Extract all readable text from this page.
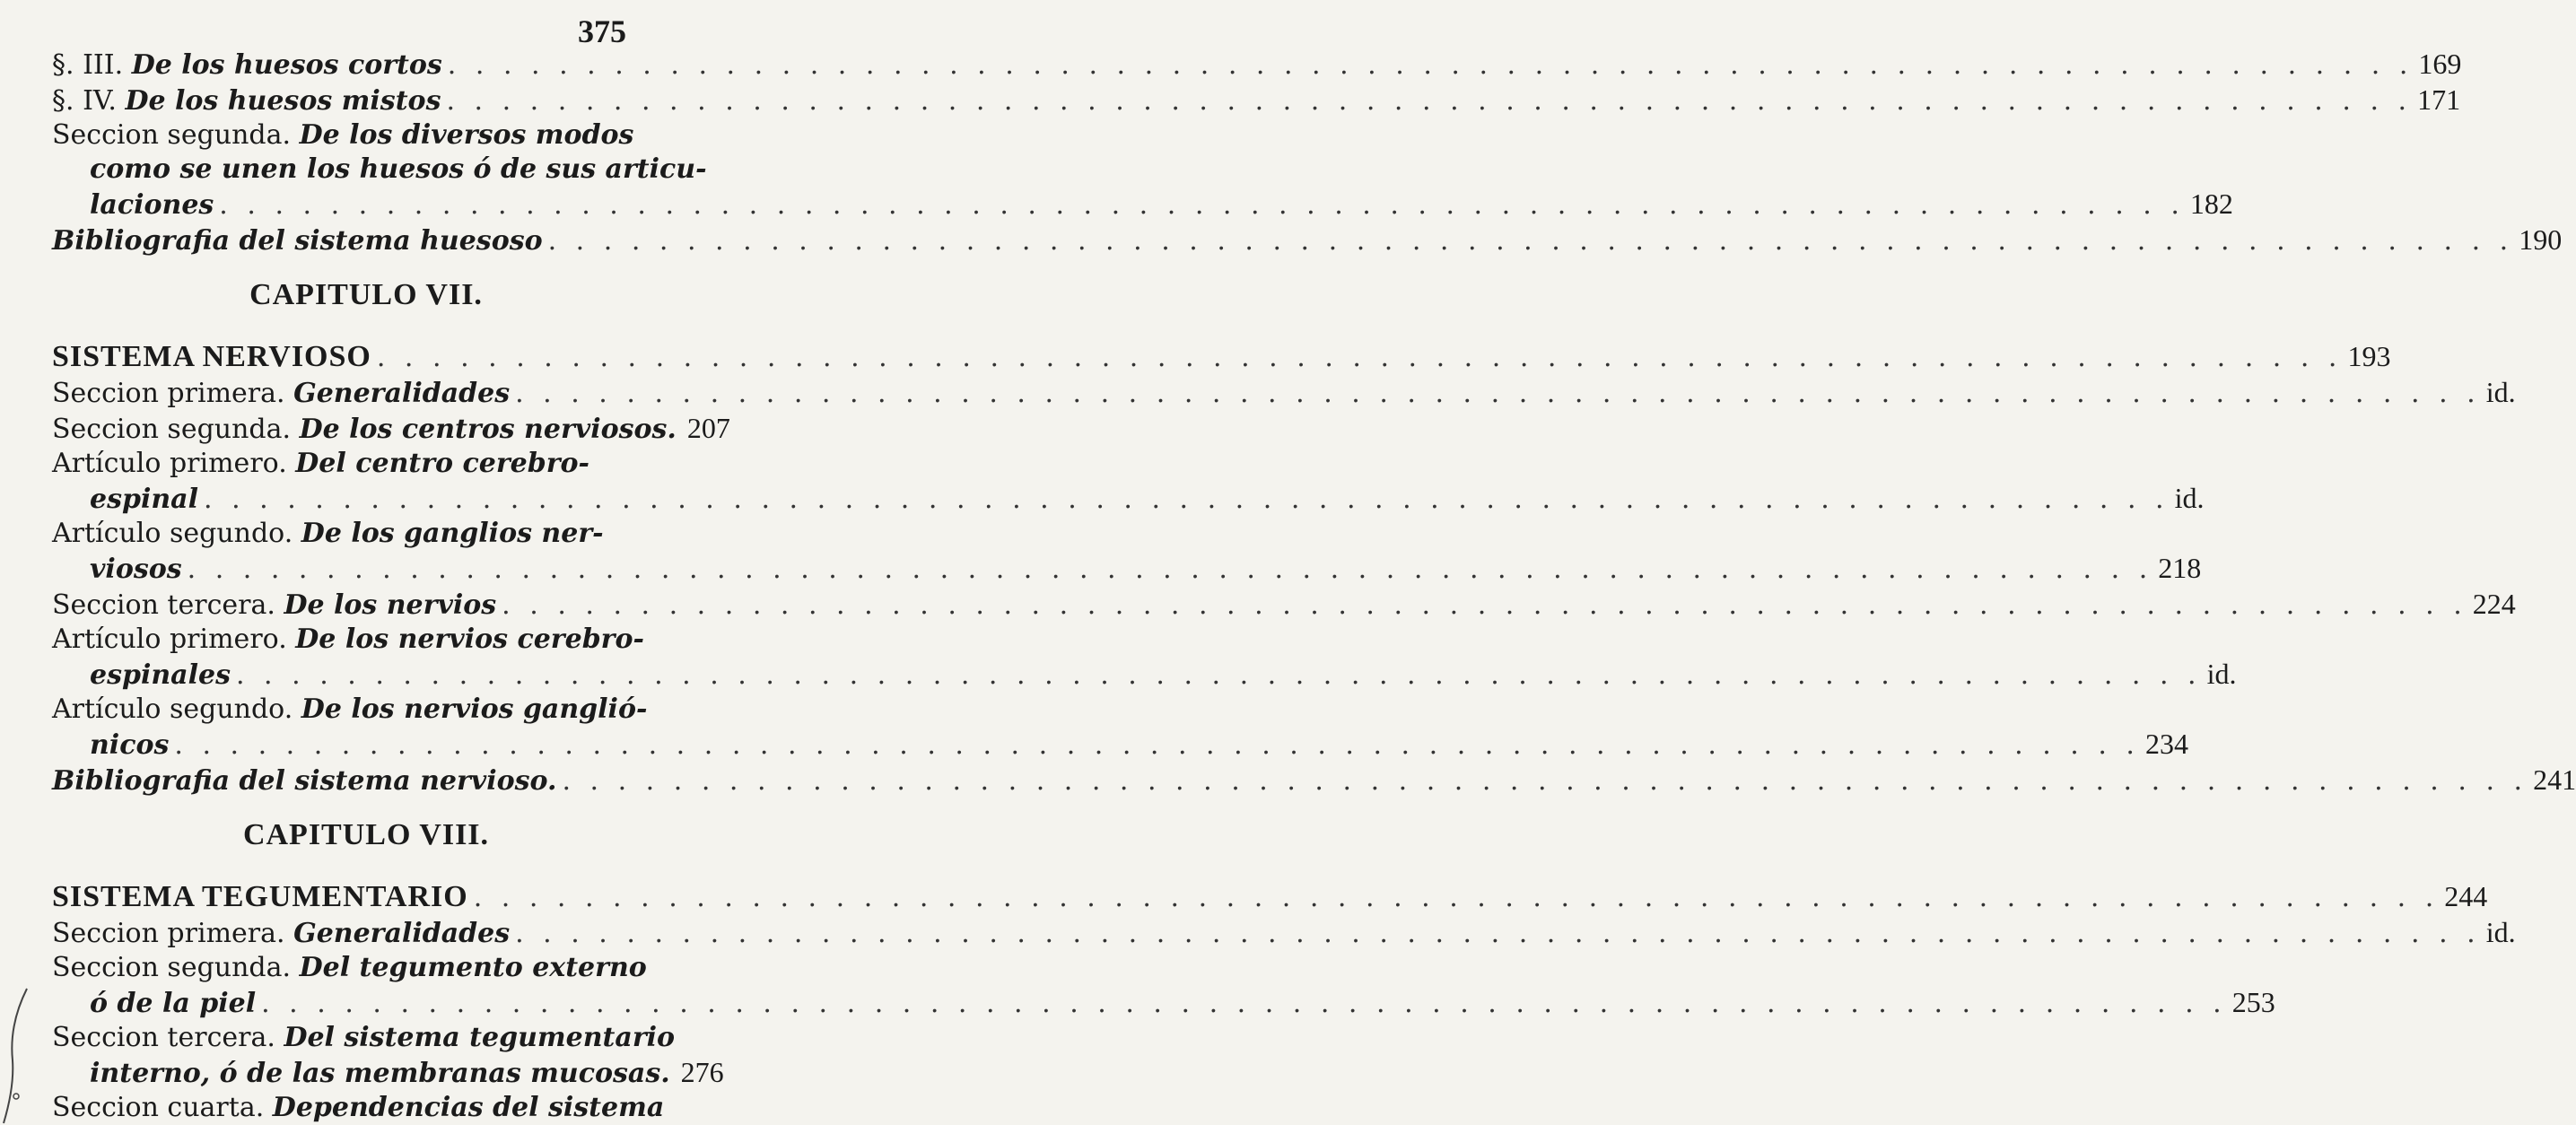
375
§. III. De los huesos cortos . . .	169
§. IV. De los huesos mistos . . .	171
Seccion segunda. De los diversos modos
como se unen los huesos ó de sus articu-
laciones . . .	182
Bibliografia del sistema huesoso . . .	190
CAPITULO VII.
SISTEMA NERVIOSO . . .	193
Seccion primera. Generalidades . . .	id.
Seccion segunda. De los centros nerviosos. 207
Artículo primero. Del centro cerebro-
espinal . . .	id.
Artículo segundo. De los ganglios ner-
viosos . . .	218
Seccion tercera. De los nervios . . .	224
Artículo primero. De los nervios cerebro-
espinales . . .	id.
Artículo segundo. De los nervios ganglió-
nicos . . .	234
Bibliografia del sistema nervioso. . . .	241
CAPITULO VIII.
SISTEMA TEGUMENTARIO . . .	244
Seccion primera. Generalidades . . .	id.
Seccion segunda. Del tegumento externo
ó de la piel . . .	253
Seccion tercera. Del sistema tegumentario
interno, ó de las membranas mucosas. 276
Seccion cuarta. Dependencias del sistema
